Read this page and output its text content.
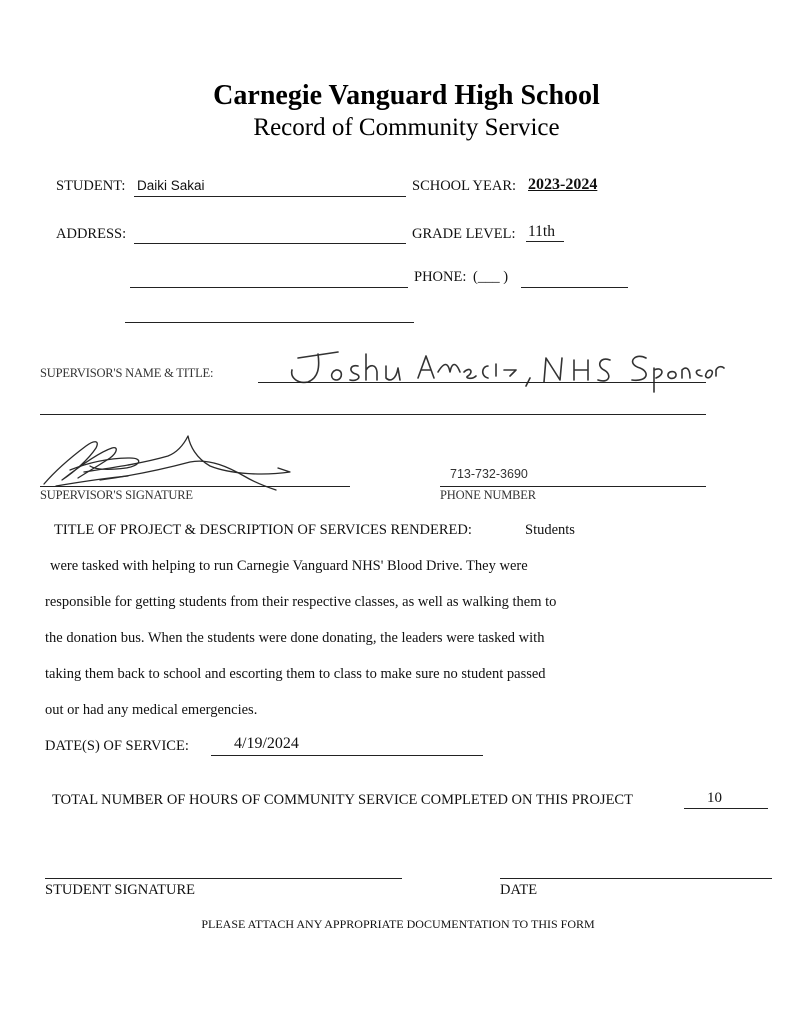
Carnegie Vanguard High School
Record of Community Service
STUDENT: Daiki Sakai	SCHOOL YEAR: 2023-2024
ADDRESS:	GRADE LEVEL: 11th
PHONE: (___ )
SUPERVISOR'S NAME & TITLE:
SUPERVISOR'S SIGNATURE
713-732-3690
PHONE NUMBER
TITLE OF PROJECT & DESCRIPTION OF SERVICES RENDERED:	Students
were tasked with helping to run Carnegie Vanguard NHS' Blood Drive. They were
responsible for getting students from their respective classes, as well as walking them to
the donation bus. When the students were done donating, the leaders were tasked with
taking them back to school and escorting them to class to make sure no student passed
out or had any medical emergencies.
DATE(S) OF SERVICE:	4/19/2024
TOTAL NUMBER OF HOURS OF COMMUNITY SERVICE COMPLETED ON THIS PROJECT	10
STUDENT SIGNATURE	DATE
PLEASE ATTACH ANY APPROPRIATE DOCUMENTATION TO THIS FORM
